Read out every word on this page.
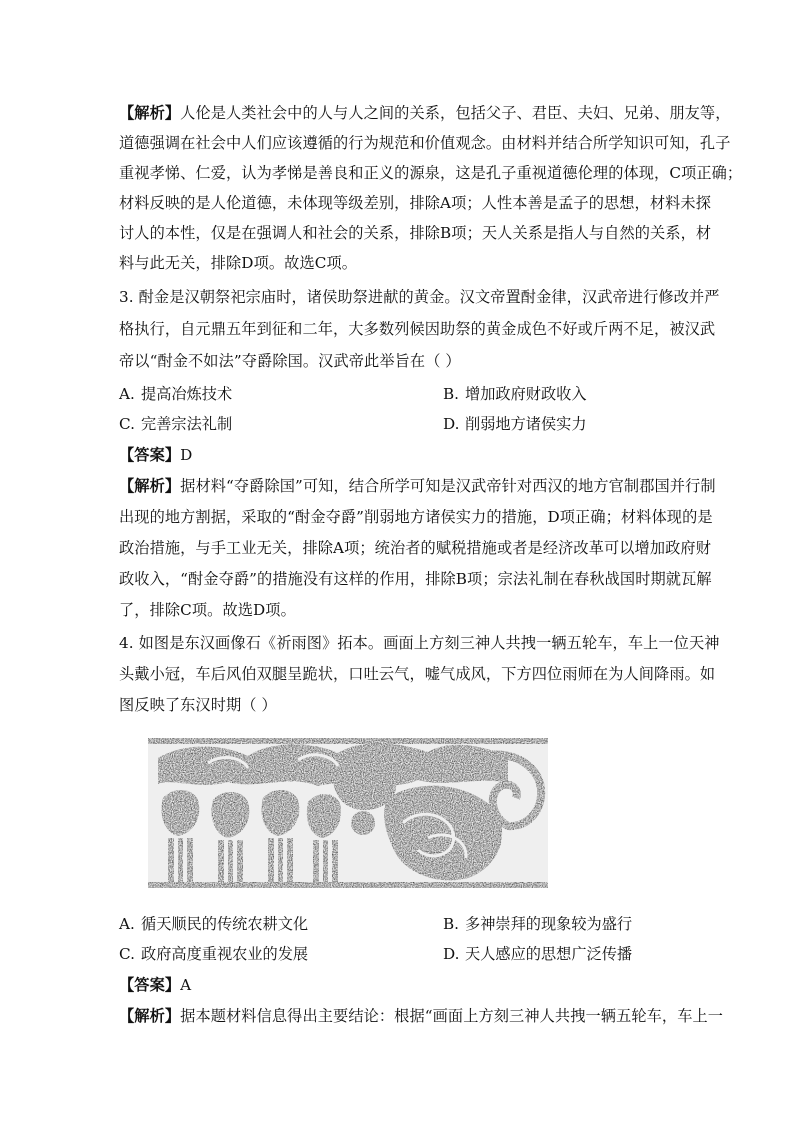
【解析】人伦是人类社会中的人与人之间的关系，包括父子、君臣、夫妇、兄弟、朋友等，
道德强调在社会中人们应该遵循的行为规范和价值观念。由材料并结合所学知识可知，孔子
重视孝悌、仁爱，认为孝悌是善良和正义的源泉，这是孔子重视道德伦理的体现，C项正确；
材料反映的是人伦道德，未体现等级差别，排除A项；人性本善是孟子的思想，材料未探
讨人的本性，仅是在强调人和社会的关系，排除B项；天人关系是指人与自然的关系，材
料与此无关，排除D项。故选C项。
3. 酎金是汉朝祭祀宗庙时，诸侯助祭进献的黄金。汉文帝置酎金律，汉武帝进行修改并严
格执行，自元鼎五年到征和二年，大多数列候因助祭的黄金成色不好或斤两不足，被汉武
帝以“酎金不如法”夺爵除国。汉武帝此举旨在（ ）
A. 提高冶炼技术	B. 增加政府财政收入
C. 完善宗法礼制	D. 削弱地方诸侯实力
【答案】D
【解析】据材料“夺爵除国”可知，结合所学可知是汉武帝针对西汉的地方官制郡国并行制
出现的地方割据，采取的“酎金夺爵”削弱地方诸侯实力的措施，D项正确；材料体现的是
政治措施，与手工业无关，排除A项；统治者的赋税措施或者是经济改革可以增加政府财
政收入，“酎金夺爵”的措施没有这样的作用，排除B项；宗法礼制在春秋战国时期就瓦解
了，排除C项。故选D项。
4. 如图是东汉画像石《祈雨图》拓本。画面上方刻三神人共拽一辆五轮车，车上一位天神
头戴小冠，车后风伯双腿呈跪状，口吐云气，嘘气成风，下方四位雨师在为人间降雨。如
图反映了东汉时期（ ）
A. 循天顺民的传统农耕文化	B. 多神崇拜的现象较为盛行
C. 政府高度重视农业的发展	D. 天人感应的思想广泛传播
【答案】A
【解析】据本题材料信息得出主要结论：根据“画面上方刻三神人共拽一辆五轮车，车上一
